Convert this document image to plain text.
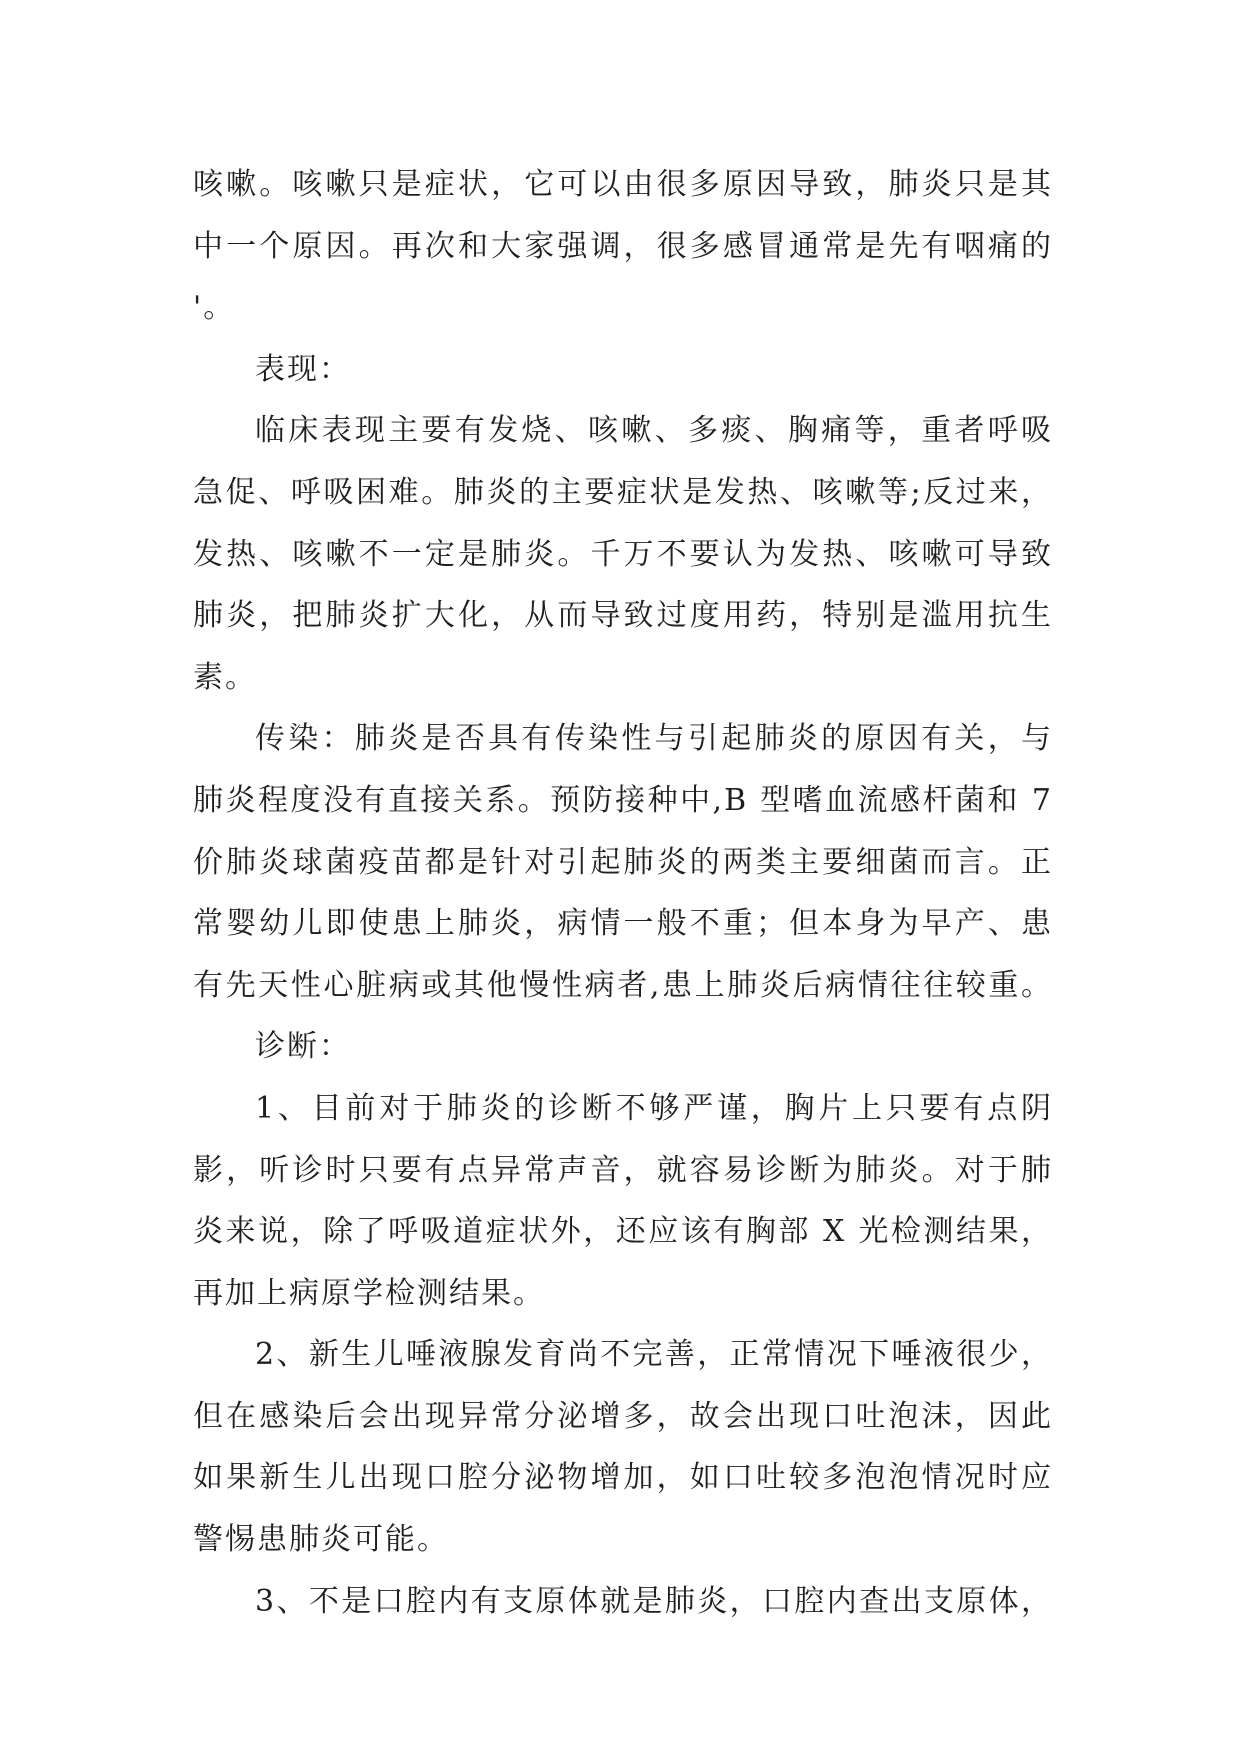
咳嗽。咳嗽只是症状，它可以由很多原因导致，肺炎只是其
中一个原因。再次和大家强调，很多感冒通常是先有咽痛的
'。
表现：
临床表现主要有发烧、咳嗽、多痰、胸痛等，重者呼吸
急促、呼吸困难。肺炎的主要症状是发热、咳嗽等;反过来，
发热、咳嗽不一定是肺炎。千万不要认为发热、咳嗽可导致
肺炎，把肺炎扩大化，从而导致过度用药，特别是滥用抗生
素。
传染：肺炎是否具有传染性与引起肺炎的原因有关，与
肺炎程度没有直接关系。预防接种中,B 型嗜血流感杆菌和 7
价肺炎球菌疫苗都是针对引起肺炎的两类主要细菌而言。正
常婴幼儿即使患上肺炎，病情一般不重；但本身为早产、患
有先天性心脏病或其他慢性病者,患上肺炎后病情往往较重。
诊断：
1、目前对于肺炎的诊断不够严谨，胸片上只要有点阴
影，听诊时只要有点异常声音，就容易诊断为肺炎。对于肺
炎来说，除了呼吸道症状外，还应该有胸部 X 光检测结果，
再加上病原学检测结果。
2、新生儿唾液腺发育尚不完善，正常情况下唾液很少，
但在感染后会出现异常分泌增多，故会出现口吐泡沫，因此
如果新生儿出现口腔分泌物增加，如口吐较多泡泡情况时应
警惕患肺炎可能。
3、不是口腔内有支原体就是肺炎，口腔内查出支原体，
